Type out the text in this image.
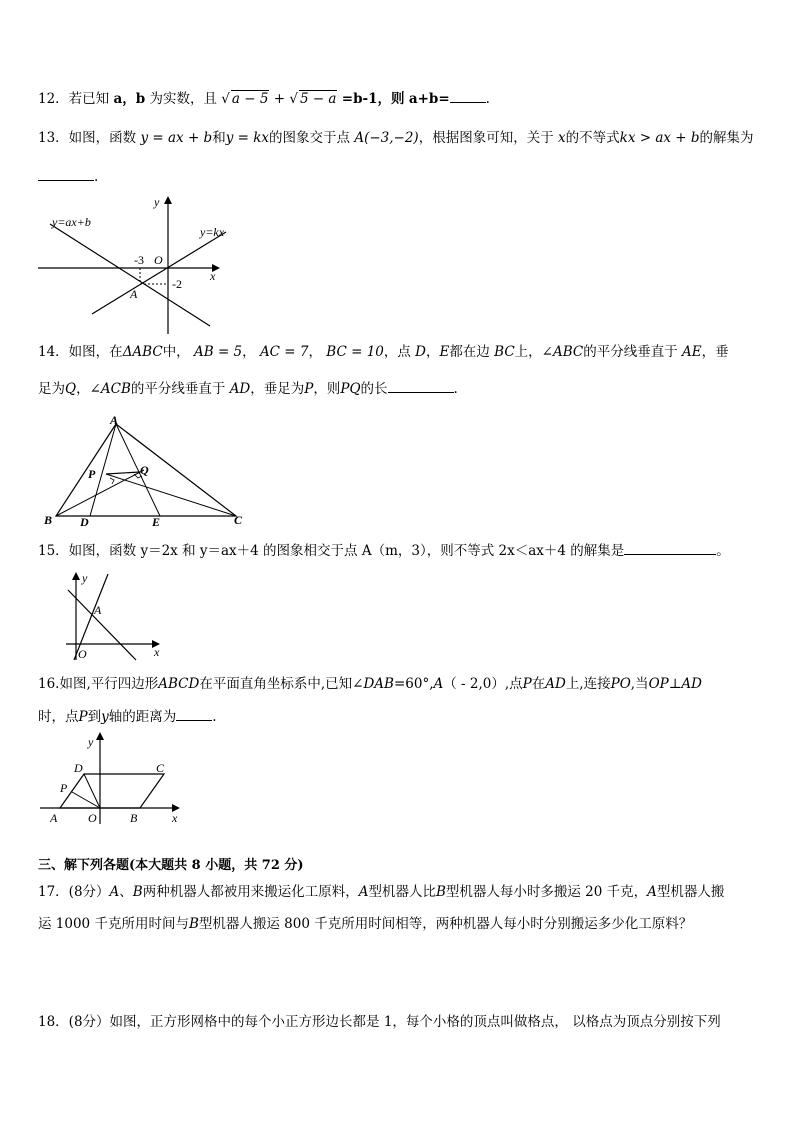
12．若已知 a，b 为实数，且 √ a − 5 + √ 5 − a =b-1，则 a+b=	.
13．如图，函数 y = ax + b和y = kx的图象交于点 A(−3,−2)，根据图象可知，关于 x的不等式kx > ax + b的解集为
.
y=ax+b
y=kx
y
x
O
-3
-2
A
14．如图，在ΔABC中， AB = 5， AC = 7， BC = 10，点 D，E都在边 BC上，∠ABC的平分线垂直于 AE，垂
足为Q，∠ACB的平分线垂直于 AD，垂足为P，则PQ的长	.
A
B	C
D	E
P	Q
15．如图，函数 y＝2x 和 y＝ax＋4 的图象相交于点 A（m，3），则不等式 2x＜ax＋4 的解集是	。
y
x
A
O
16.如图,平行四边形ABCD在平面直角坐标系中,已知∠DAB=60°,A（ - 2,0）,点P在AD上,连接PO,当OP⊥AD
时，点P到y轴的距离为	.
y
x
A	B
C
D
P
O
三、解下列各题(本大题共 8 小题，共 72 分)
17．(8分）A、B两种机器人都被用来搬运化工原料，A型机器人比B型机器人每小时多搬运 20 千克，A型机器人搬
运 1000 千克所用时间与B型机器人搬运 800 千克所用时间相等，两种机器人每小时分别搬运多少化工原料？
18．(8分）如图，正方形网格中的每个小正方形边长都是 1，每个小格的顶点叫做格点， 以格点为顶点分别按下列
